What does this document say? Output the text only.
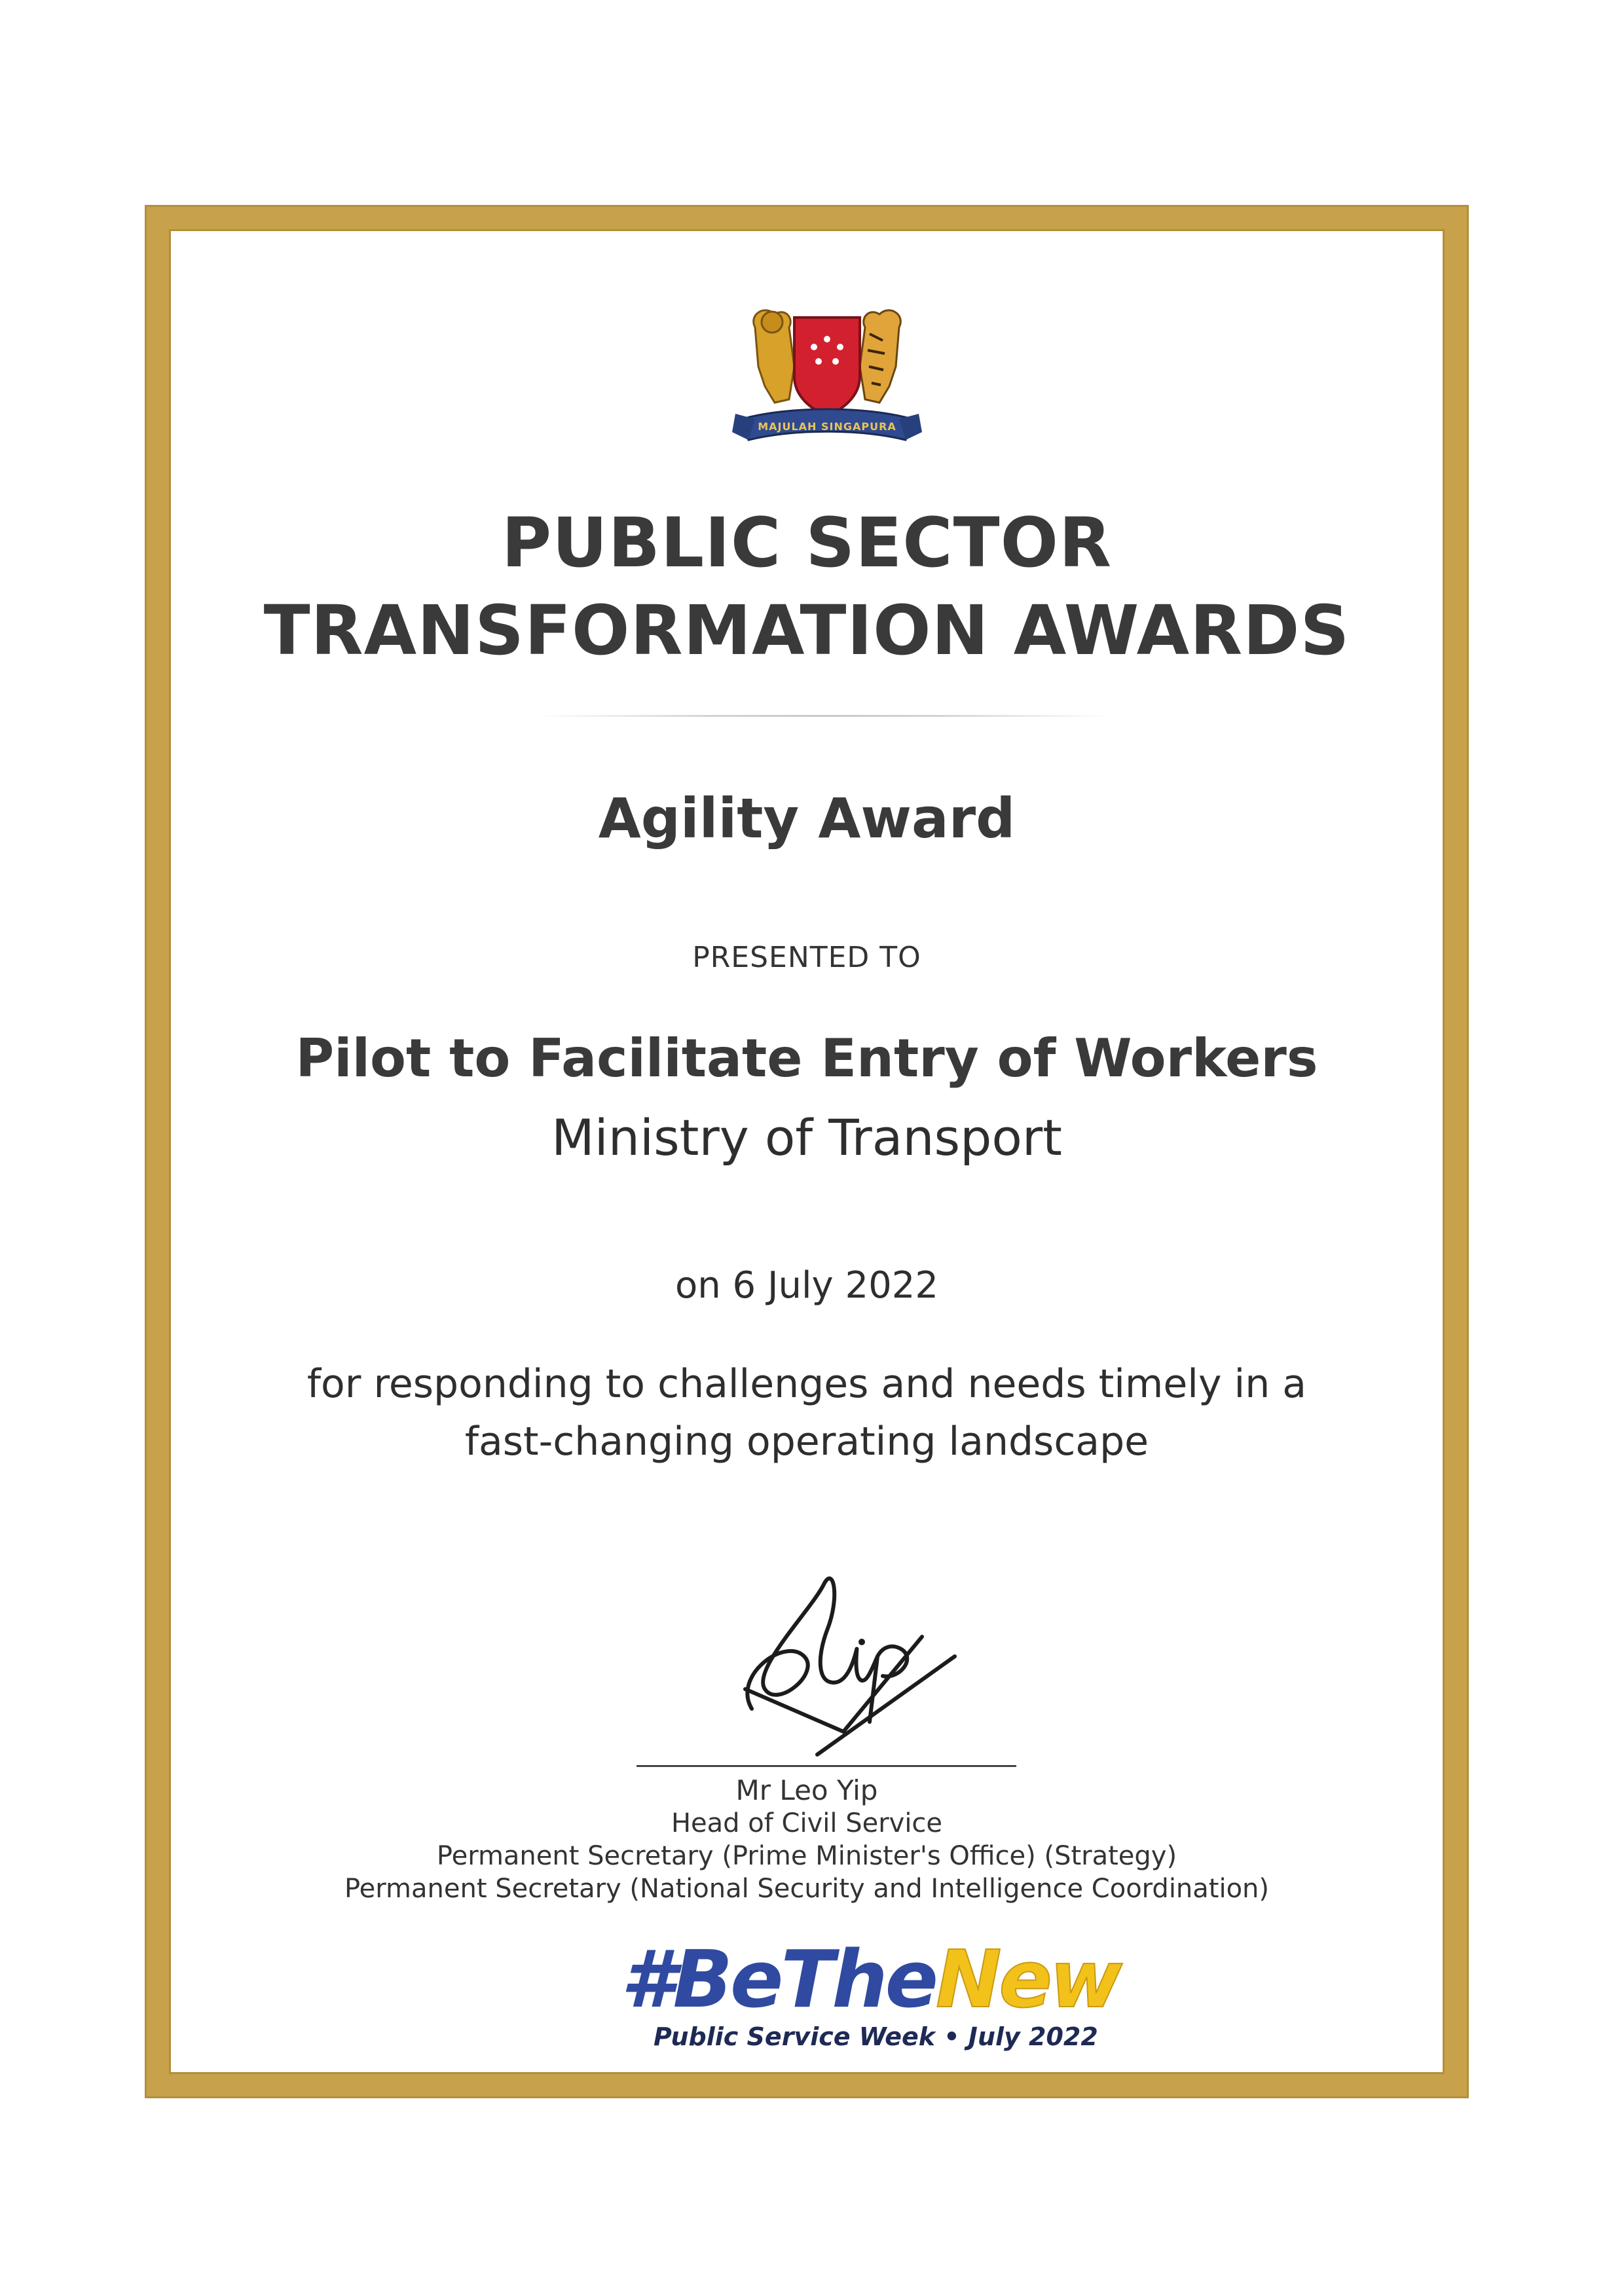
MAJULAH SINGAPURA
PUBLIC SECTOR
TRANSFORMATION AWARDS
Agility Award
PRESENTED TO
Pilot to Facilitate Entry of Workers
Ministry of Transport
on 6 July 2022
for responding to challenges and needs timely in a
fast-changing operating landscape
Mr Leo Yip
Head of Civil Service
Permanent Secretary (Prime Minister's Office) (Strategy)
Permanent Secretary (National Security and Intelligence Coordination)
#BeTheNew
Public Service Week • July 2022
